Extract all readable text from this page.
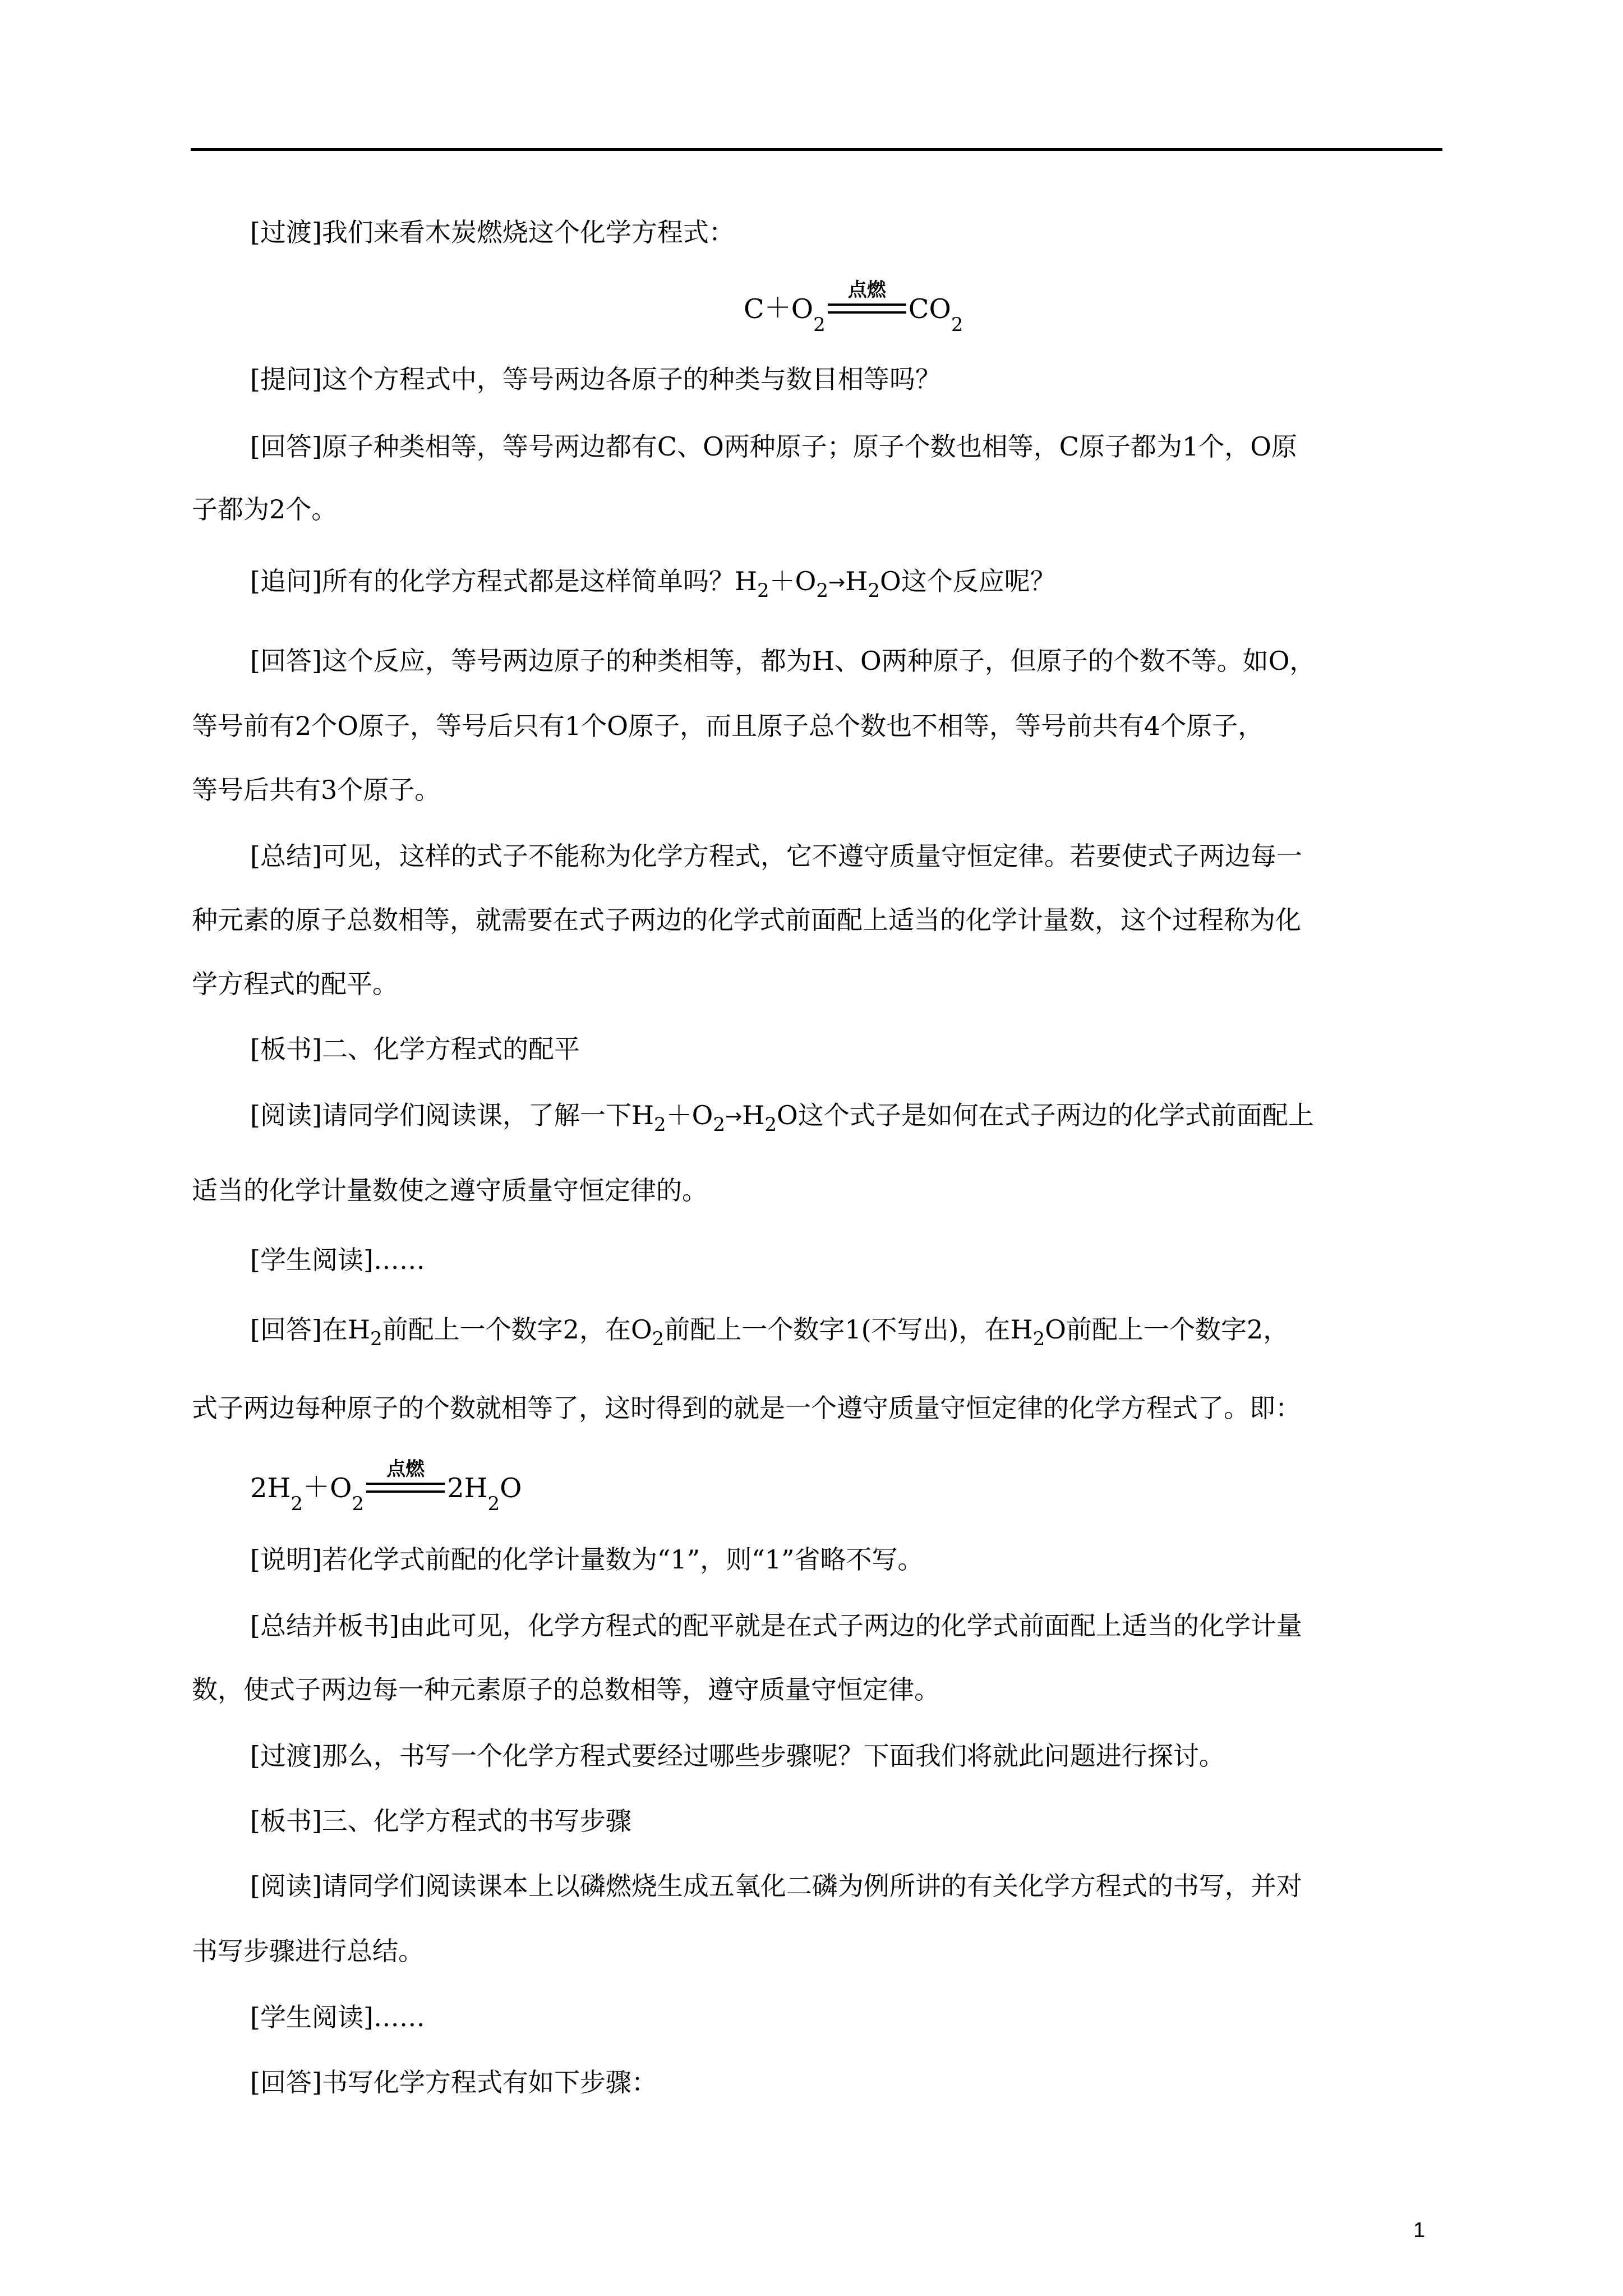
[过渡]我们来看木炭燃烧这个化学方程式：
C ＋ O 2
点燃
CO 2
[提问]这个方程式中，等号两边各原子的种类与数目相等吗？
[回答]原子种类相等，等号两边都有C、O两种原子；原子个数也相等，C原子都为1个，O原
子都为2个。
[追问]所有的化学方程式都是这样简单吗？$H_2+O_2\to H_2O$这个反应呢？
[回答]这个反应，等号两边原子的种类相等，都为H、O两种原子，但原子的个数不等。如O，
等号前有2个O原子，等号后只有1个O原子，而且原子总个数也不相等，等号前共有4个原子，
等号后共有3个原子。
[总结]可见，这样的式子不能称为化学方程式，它不遵守质量守恒定律。若要使式子两边每一
种元素的原子总数相等，就需要在式子两边的化学式前面配上适当的化学计量数，这个过程称为化
学方程式的配平。
[板书]二、化学方程式的配平
[阅读]请同学们阅读课，了解一下$H_2+O_2\to H_2O$这个式子是如何在式子两边的化学式前面配上
适当的化学计量数使之遵守质量守恒定律的。
[学生阅读]……
[回答]在$H_2$前配上一个数字2，在$O_2$前配上一个数字1(不写出)，在$H_2O$前配上一个数字2，
式子两边每种原子的个数就相等了，这时得到的就是一个遵守质量守恒定律的化学方程式了。即：
2 H 2
＋ O 2
点燃
2 H 2 O
[说明]若化学式前配的化学计量数为“1”，则“1”省略不写。
[总结并板书]由此可见，化学方程式的配平就是在式子两边的化学式前面配上适当的化学计量
数，使式子两边每一种元素原子的总数相等，遵守质量守恒定律。
[过渡]那么，书写一个化学方程式要经过哪些步骤呢？下面我们将就此问题进行探讨。
[板书]三、化学方程式的书写步骤
[阅读]请同学们阅读课本上以磷燃烧生成五氧化二磷为例所讲的有关化学方程式的书写，并对
书写步骤进行总结。
[学生阅读]……
[回答]书写化学方程式有如下步骤：
1
